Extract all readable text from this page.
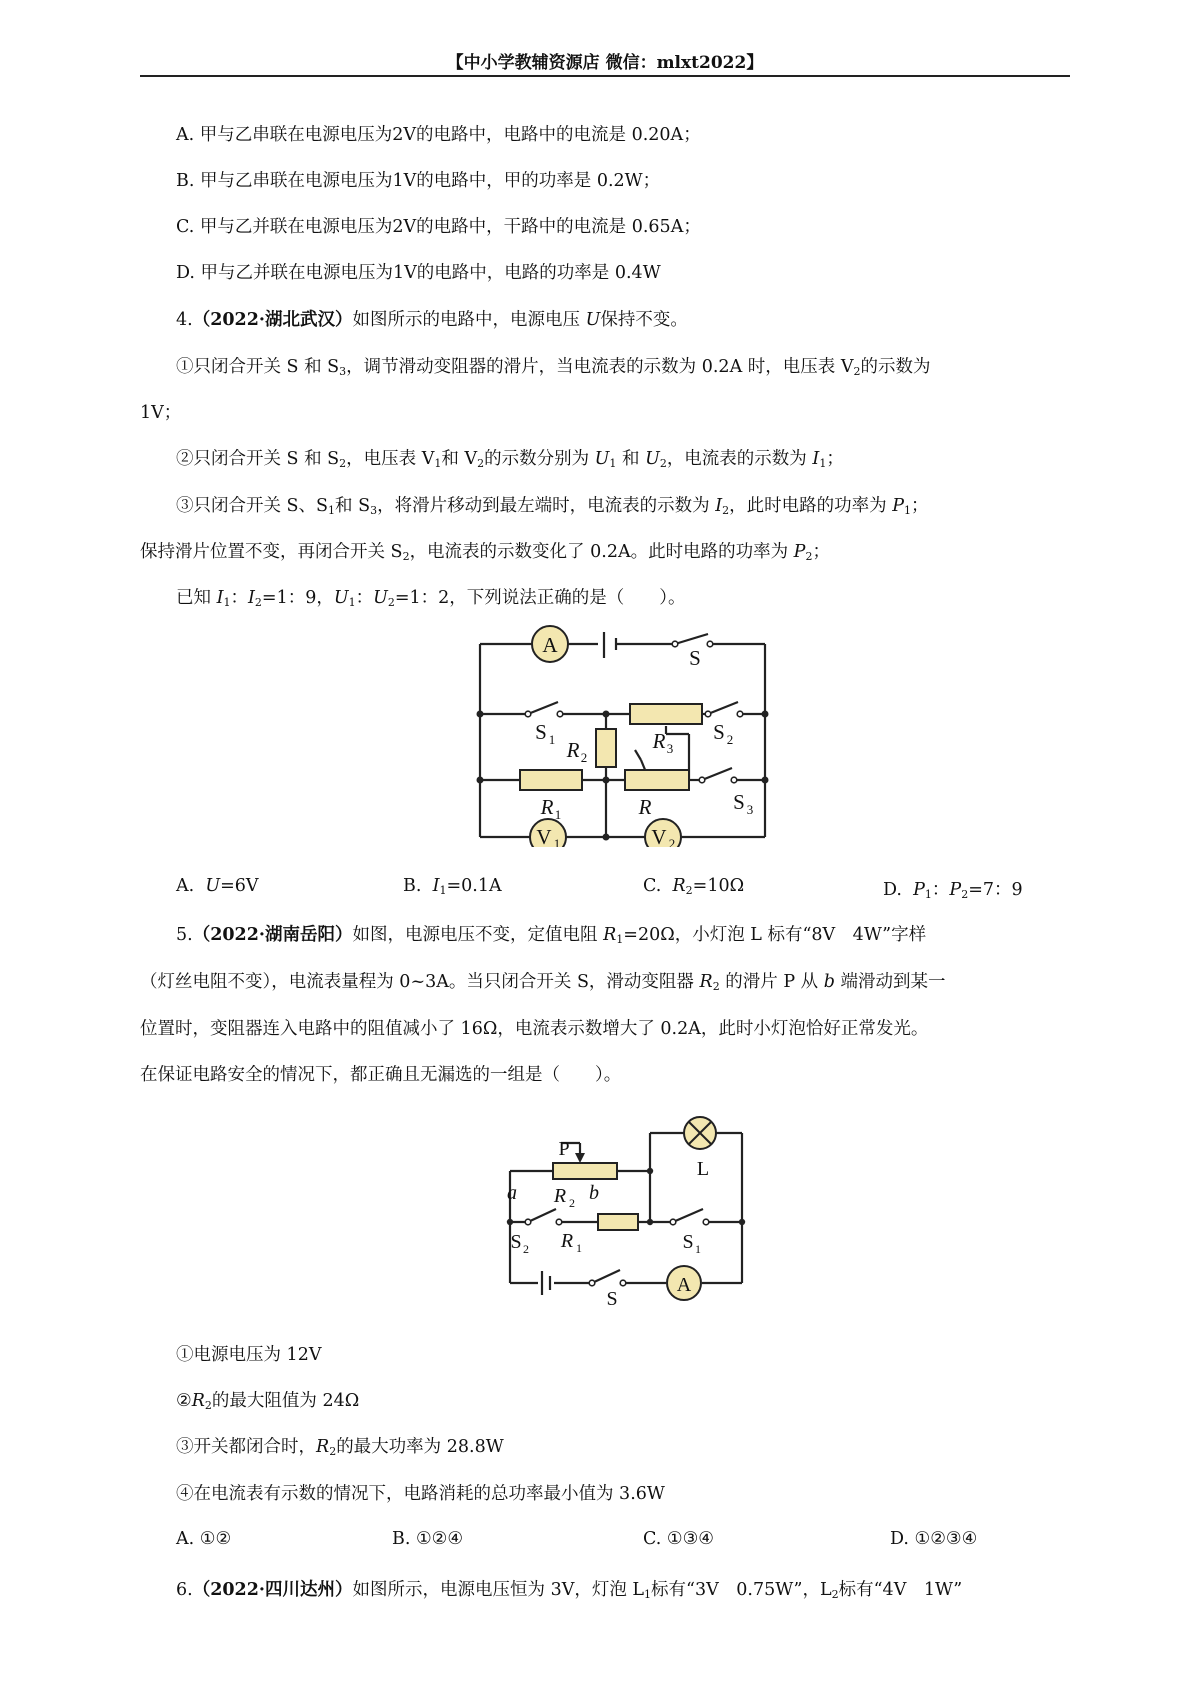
【中小学教辅资源店 微信：mlxt2022】
A. 甲与乙串联在电源电压为2V的电路中，电路中的电流是 0.20A；
B. 甲与乙串联在电源电压为1V的电路中，甲的功率是 0.2W；
C. 甲与乙并联在电源电压为2V的电路中，干路中的电流是 0.65A；
D. 甲与乙并联在电源电压为1V的电路中，电路的功率是 0.4W
4.（2022·湖北武汉）如图所示的电路中，电源电压 U保持不变。
①只闭合开关 S 和 $S_3$，调节滑动变阻器的滑片，当电流表的示数为 0.2A 时，电压表 $V_2$的示数为
1V；
②只闭合开关 S 和 $S_2$，电压表 $V_1$和 $V_2$的示数分别为 $U_1$ 和 $U_2$，电流表的示数为 $I_1$；
③只闭合开关 S、$S_1$和 $S_3$，将滑片移动到最左端时，电流表的示数为 $I_2$，此时电路的功率为 $P_1$；
保持滑片位置不变，再闭合开关 $S_2$，电流表的示数变化了 0.2A。此时电路的功率为 $P_2$；
已知 $I_1$：$I_2=1$：9，$U_1$：$U_2=1$：2，下列说法正确的是（　　）。
A
V 1	V 2
S
S 1	S 2
S 3
R 3
R 2
R 1	R
A. U=6V	B. $I_1=0.1A$	C. $R_2=10\Omega$	D. $P_1$：$P_2=7$：9
5.（2022·湖南岳阳）如图，电源电压不变，定值电阻 $R_1=20\Omega$，小灯泡 L 标有“8V　4W”字样
（灯丝电阻不变），电流表量程为 0~3A。当只闭合开关 S，滑动变阻器 $R_2$ 的滑片 P 从 b 端滑动到某一
位置时，变阻器连入电路中的阻值减小了 16Ω，电流表示数增大了 0.2A，此时小灯泡恰好正常发光。
在保证电路安全的情况下，都正确且无漏选的一组是（　　）。
P
L
A
S 2	S 1
S
a R 2 b
R 1
①电源电压为 12V
$②R_2$的最大阻值为 24Ω
③开关都闭合时，$R_2$的最大功率为 28.8W
④在电流表有示数的情况下，电路消耗的总功率最小值为 3.6W
A. ①②	B. ①②④	C. ①③④	D. ①②③④
6.（2022·四川达州）如图所示，电源电压恒为 3V，灯泡 $L_1$标有“3V　0.75W”，$L_2$标有“4V　1W”
